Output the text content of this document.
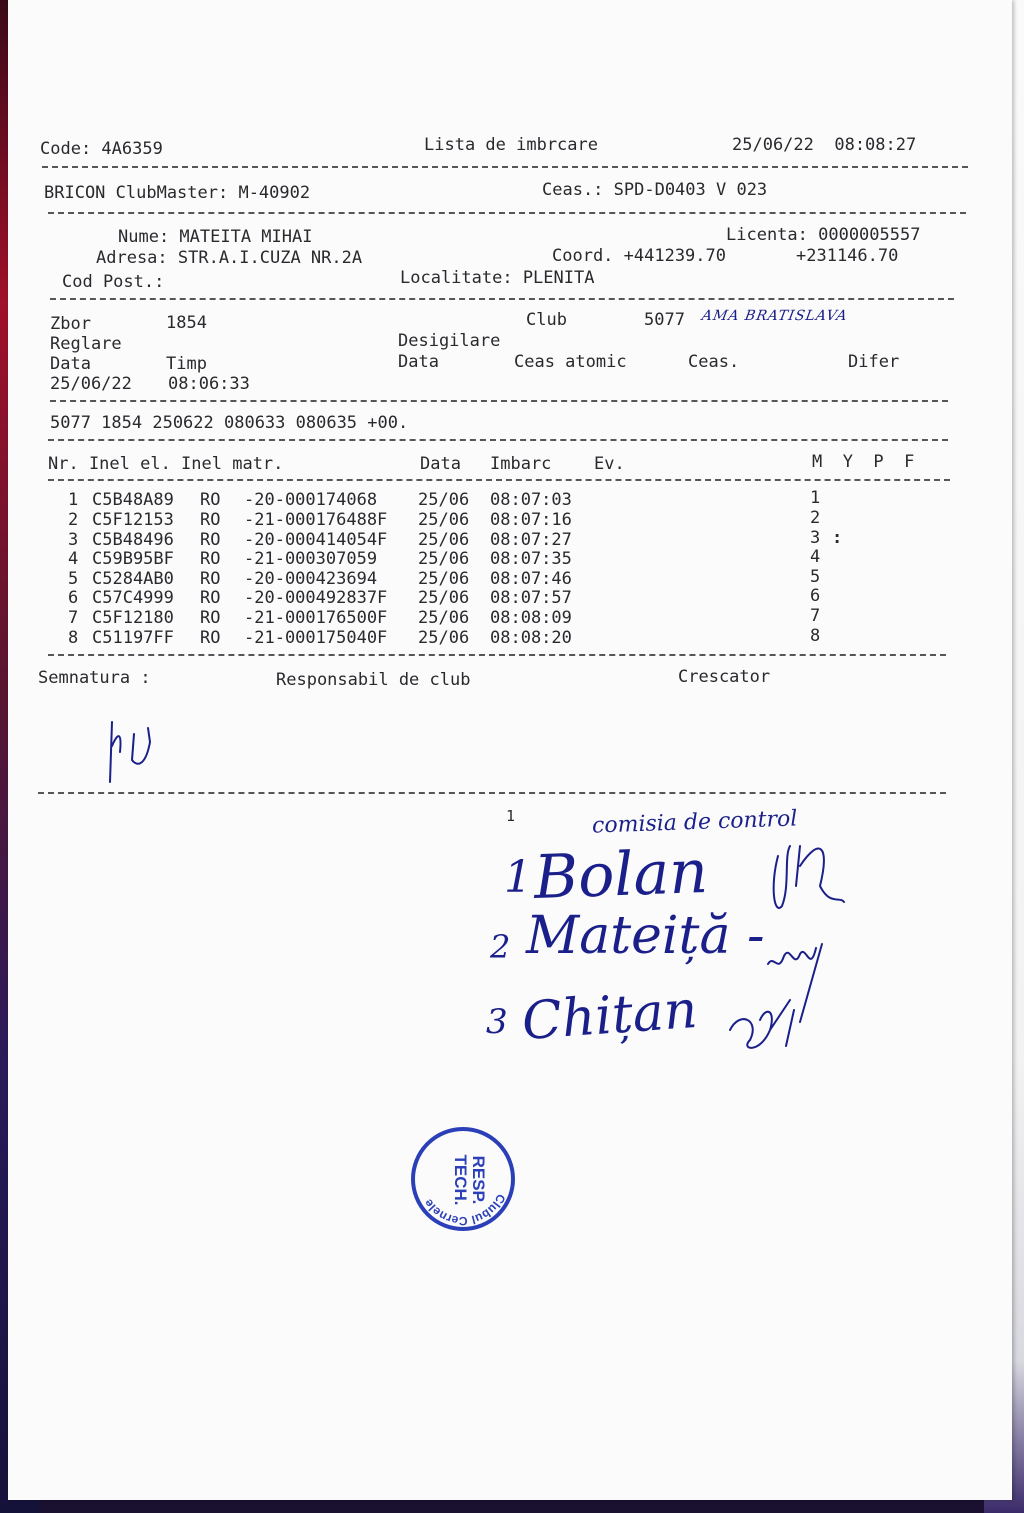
Code: 4A6359	Lista de imbrcare	25/06/22  08:08:27
BRICON ClubMaster: M-40902	Ceas.: SPD-D0403 V 023
Nume: MATEITA MIHAI	Licenta: 0000005557
Adresa: STR.A.I.CUZA NR.2A	Coord. +441239.70	+231146.70
Cod Post.:	Localitate: PLENITA
Zbor	1854	Club	5077 AMA BRATISLAVA
Reglare	Desigilare
Data	Timp	Data	Ceas atomic	Ceas.	Difer
25/06/22 08:06:33
5077 1854 250622 080633 080635 +00.
Nr. Inel el. Inel matr.	Data Imbarc	Ev.	M  Y  P  F
1 C5B48A89 RO -20-000174068 25/06 08:07:03	1
2 C5F12153 RO -21-000176488F 25/06 08:07:16	2
3 C5B48496 RO -20-000414054F 25/06 08:07:27	3 :
4 C59B95BF RO -21-000307059 25/06 08:07:35	4
5 C5284AB0 RO -20-000423694 25/06 08:07:46	5
6 C57C4999 RO -20-000492837F 25/06 08:07:57	6
7 C5F12180 RO -21-000176500F 25/06 08:08:09	7
8 C51197FF RO -21-000175040F 25/06 08:08:20	8
Semnatura :	Responsabil de club	Crescator
1	comisia de control
1 Bolan
2 Mateiță -
3 Chițan
Clubul Cernele	RESP.
TECH.
